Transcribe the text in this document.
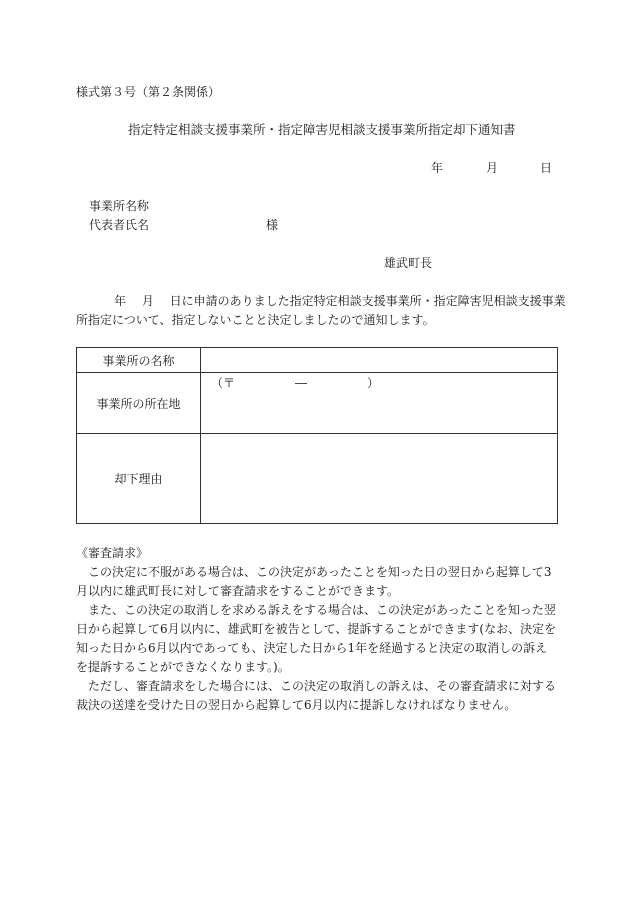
様式第３号（第２条関係）
指定特定相談支援事業所・指定障害児相談支援事業所指定却下通知書
年	月	日
事業所名称
代表者氏名	様
雄武町長
年　 月　 日に申請のありました指定特定相談支援事業所・指定障害児相談支援事業
所指定について、指定しないことと決定しましたので通知します。
事業所の名称	
事業所の所在地	（〒　　　　　―　　　　　）

却下理由	
《審査請求》

この決定に不服がある場合は、この決定があったことを知った日の翌日から起算して3月以内に雄武町長に対して審査請求をすることができます。

また、この決定の取消しを求める訴えをする場合は、この決定があったことを知った翌日から起算して6月以内に、雄武町を被告として、提訴することができます(なお、決定を知った日から6月以内であっても、決定した日から1年を経過すると決定の取消しの訴えを提訴することができなくなります。)。

ただし、審査請求をした場合には、この決定の取消しの訴えは、その審査請求に対する裁決の送達を受けた日の翌日から起算して6月以内に提訴しなければなりません。
